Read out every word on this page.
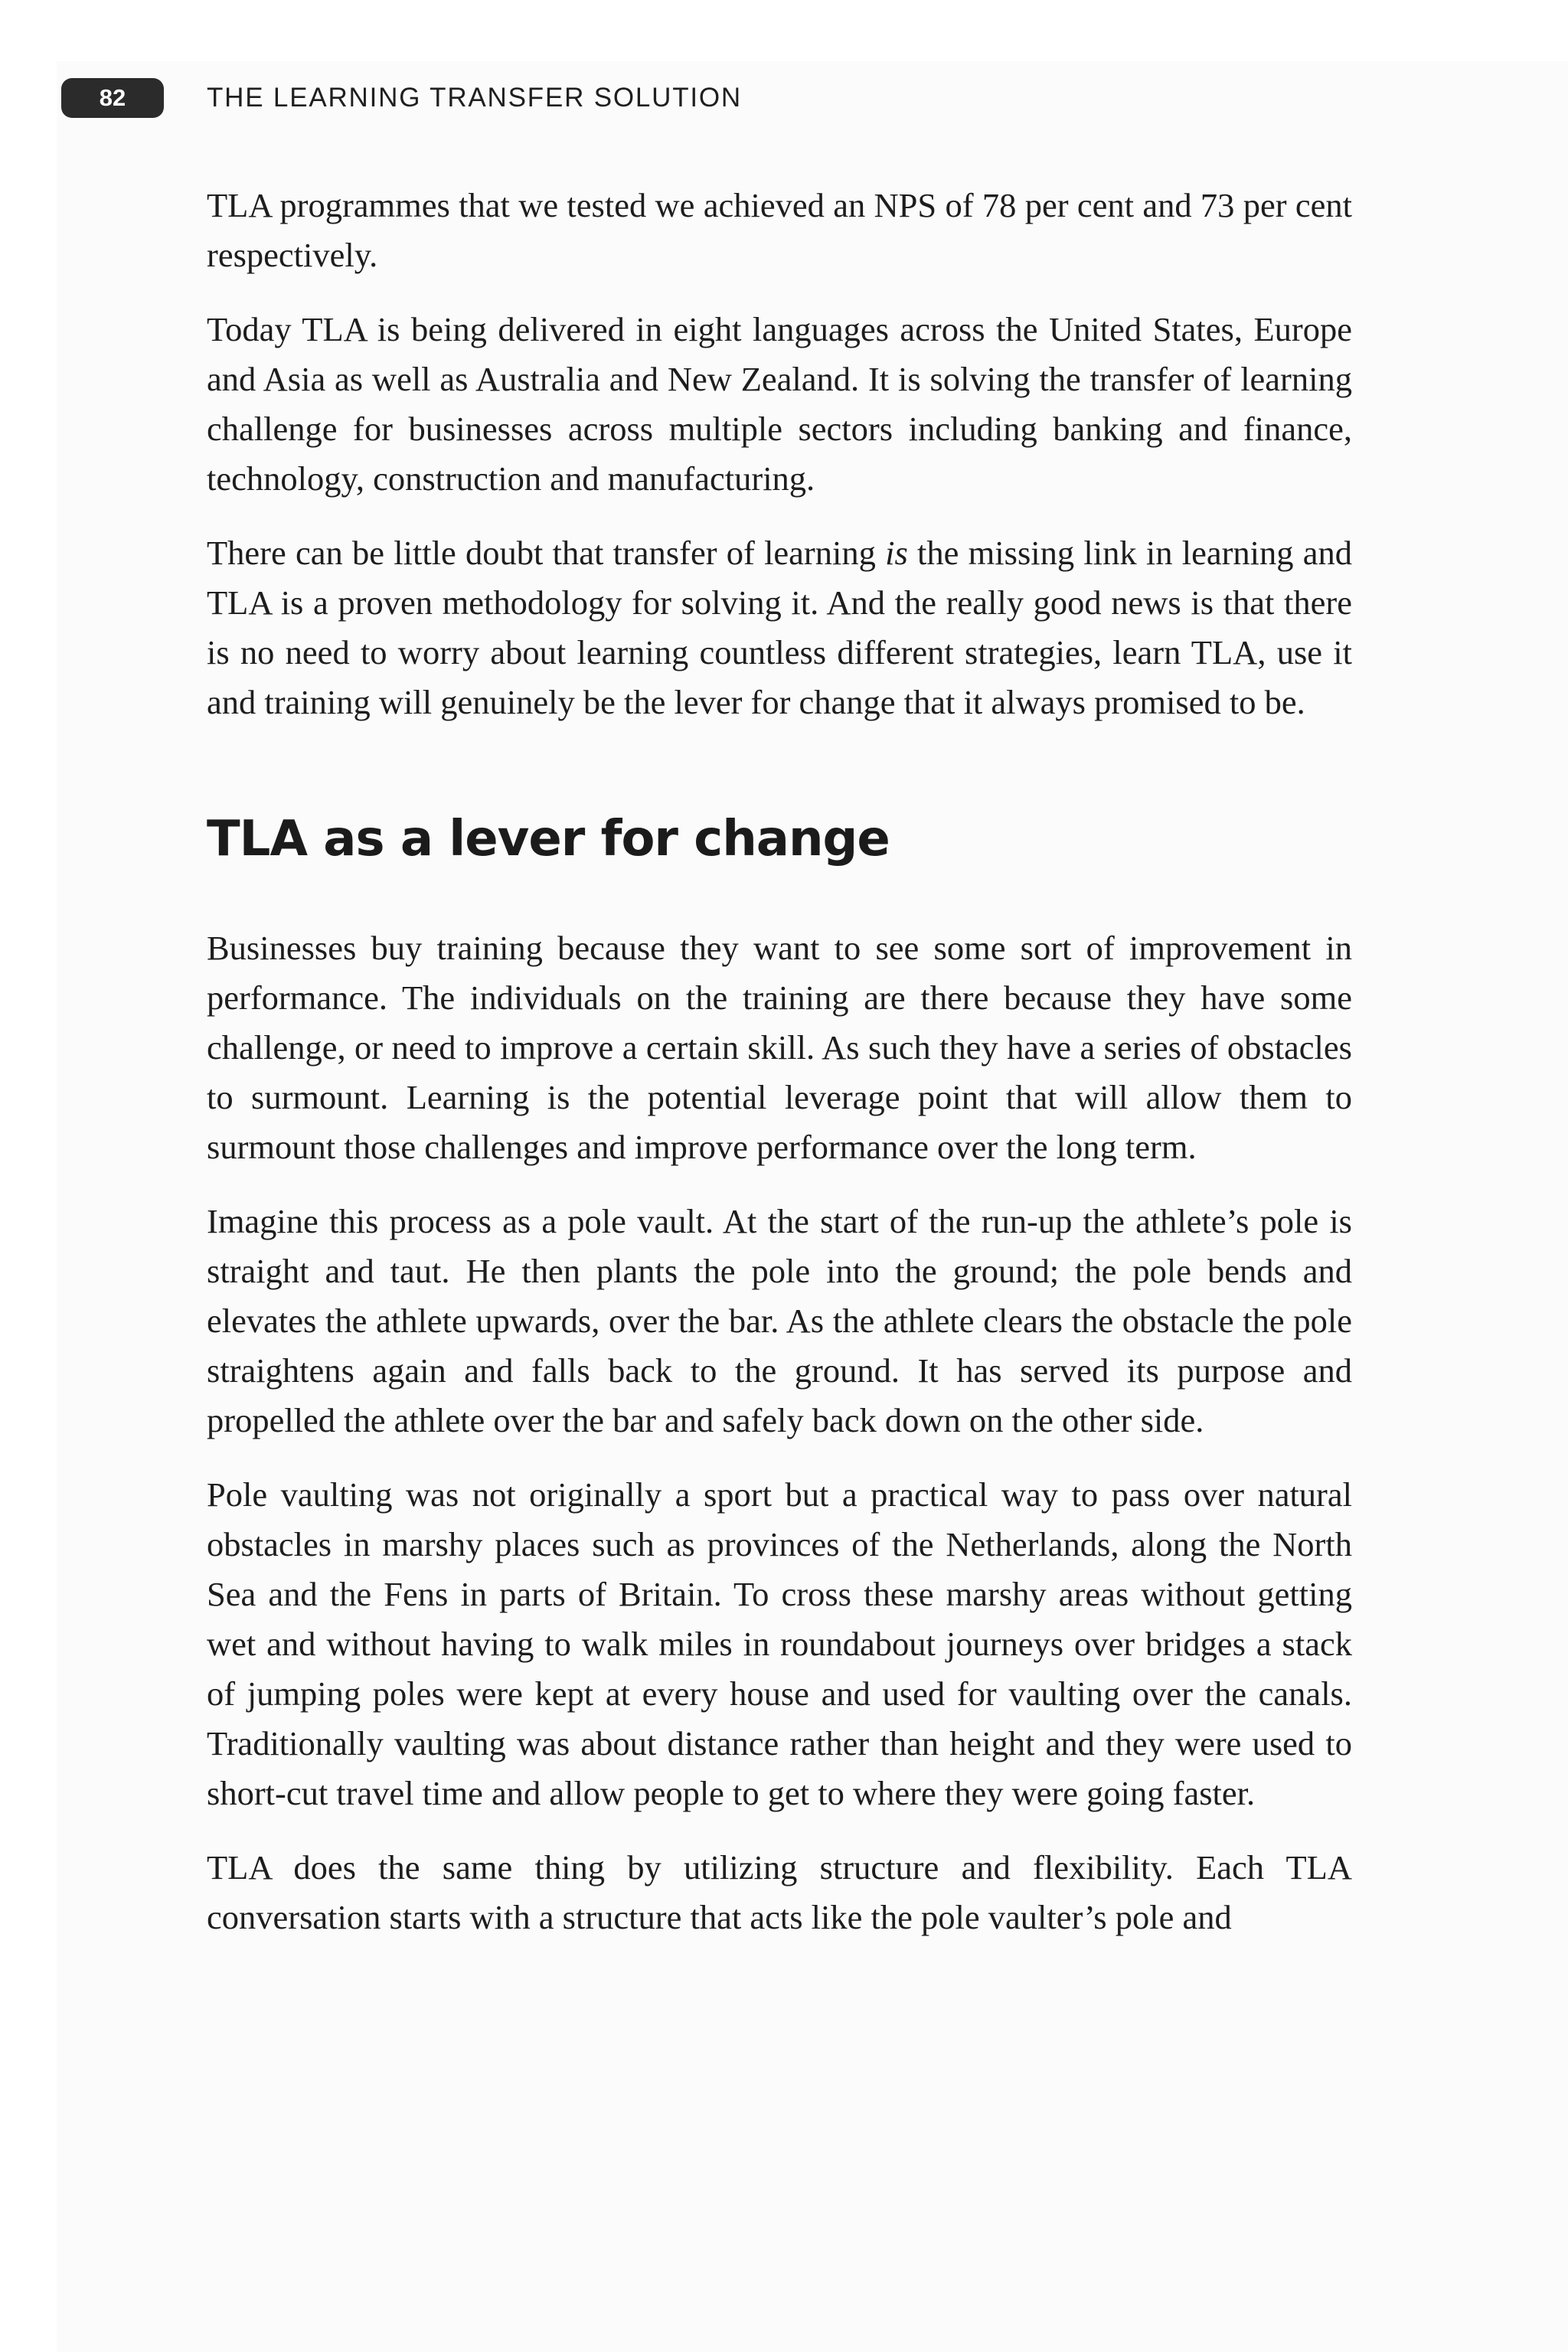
82	THE LEARNING TRANSFER SOLUTION

TLA programmes that we tested we achieved an NPS of 78 per cent and 73 per cent respectively.

Today TLA is being delivered in eight languages across the United States, Europe and Asia as well as Australia and New Zealand. It is solving the transfer of learning challenge for businesses across multiple sectors including banking and finance, technology, construction and manufacturing.

There can be little doubt that transfer of learning is the missing link in learning and TLA is a proven methodology for solving it. And the really good news is that there is no need to worry about learning countless different strategies, learn TLA, use it and training will genuinely be the lever for change that it always promised to be.

TLA as a lever for change

Businesses buy training because they want to see some sort of improvement in performance. The individuals on the training are there because they have some challenge, or need to improve a certain skill. As such they have a series of obstacles to surmount. Learning is the potential leverage point that will allow them to surmount those challenges and improve performance over the long term.

Imagine this process as a pole vault. At the start of the run-up the athlete’s pole is straight and taut. He then plants the pole into the ground; the pole bends and elevates the athlete upwards, over the bar. As the athlete clears the obstacle the pole straightens again and falls back to the ground. It has served its purpose and propelled the athlete over the bar and safely back down on the other side.

Pole vaulting was not originally a sport but a practical way to pass over natural obstacles in marshy places such as provinces of the Netherlands, along the North Sea and the Fens in parts of Britain. To cross these marshy areas without getting wet and without having to walk miles in roundabout journeys over bridges a stack of jumping poles were kept at every house and used for vaulting over the canals. Traditionally vaulting was about distance rather than height and they were used to short-cut travel time and allow people to get to where they were going faster.

TLA does the same thing by utilizing structure and flexibility. Each TLA conversation starts with a structure that acts like the pole vaulter’s pole and
